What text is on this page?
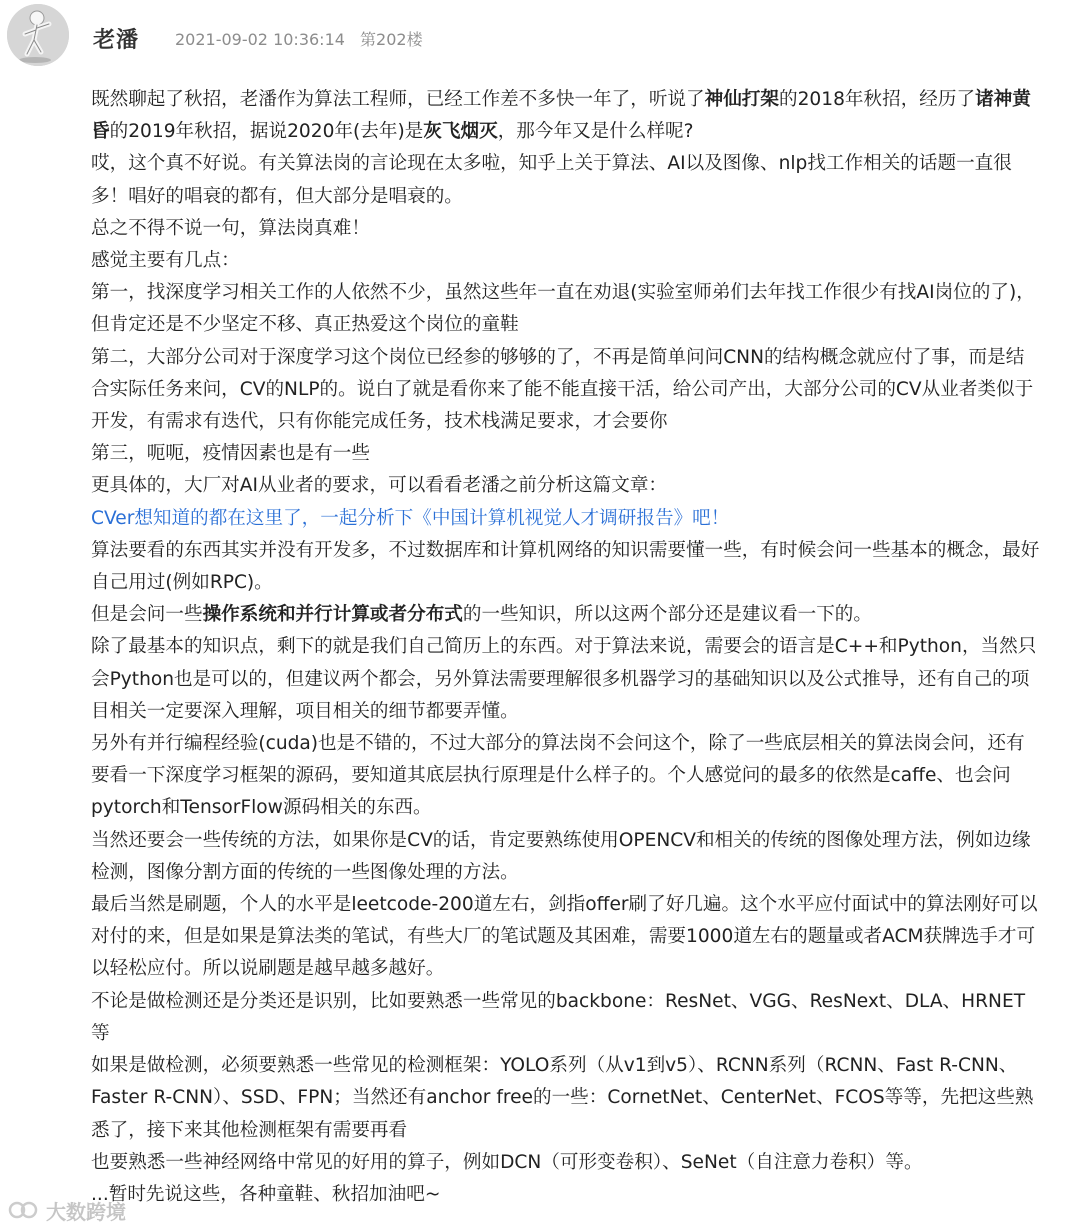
老潘 2021-09-02 10:36:14 第202楼

既然聊起了秋招，老潘作为算法工程师，已经工作差不多快一年了，听说了神仙打架的2018年秋招，经历了诸神黄昏的2019年秋招，据说2020年(去年)是灰飞烟灭，那今年又是什么样呢?

哎，这个真不好说。有关算法岗的言论现在太多啦，知乎上关于算法、AI以及图像、nlp找工作相关的话题一直很多！唱好的唱衰的都有，但大部分是唱衰的。

总之不得不说一句，算法岗真难！

感觉主要有几点：

第一，找深度学习相关工作的人依然不少，虽然这些年一直在劝退(实验室师弟们去年找工作很少有找AI岗位的了)，但肯定还是不少坚定不移、真正热爱这个岗位的童鞋

第二，大部分公司对于深度学习这个岗位已经参的够够的了，不再是简单问问CNN的结构概念就应付了事，而是结合实际任务来问，CV的NLP的。说白了就是看你来了能不能直接干活，给公司产出，大部分公司的CV从业者类似于开发，有需求有迭代，只有你能完成任务，技术栈满足要求，才会要你

第三，呃呃，疫情因素也是有一些

更具体的，大厂对AI从业者的要求，可以看看老潘之前分析这篇文章：

CVer想知道的都在这里了，一起分析下《中国计算机视觉人才调研报告》吧！

算法要看的东西其实并没有开发多，不过数据库和计算机网络的知识需要懂一些，有时候会问一些基本的概念，最好自己用过(例如RPC)。

但是会问一些操作系统和并行计算或者分布式的一些知识，所以这两个部分还是建议看一下的。

除了最基本的知识点，剩下的就是我们自己简历上的东西。对于算法来说，需要会的语言是C++和Python，当然只会Python也是可以的，但建议两个都会，另外算法需要理解很多机器学习的基础知识以及公式推导，还有自己的项目相关一定要深入理解，项目相关的细节都要弄懂。

另外有并行编程经验(cuda)也是不错的，不过大部分的算法岗不会问这个，除了一些底层相关的算法岗会问，还有要看一下深度学习框架的源码，要知道其底层执行原理是什么样子的。个人感觉问的最多的依然是caffe、也会问pytorch和TensorFlow源码相关的东西。

当然还要会一些传统的方法，如果你是CV的话，肯定要熟练使用OPENCV和相关的传统的图像处理方法，例如边缘检测，图像分割方面的传统的一些图像处理的方法。

最后当然是刷题，个人的水平是leetcode-200道左右，剑指offer刷了好几遍。这个水平应付面试中的算法刚好可以对付的来，但是如果是算法类的笔试，有些大厂的笔试题及其困难，需要1000道左右的题量或者ACM获牌选手才可以轻松应付。所以说刷题是越早越多越好。

不论是做检测还是分类还是识别，比如要熟悉一些常见的backbone：ResNet、VGG、ResNext、DLA、HRNET等

如果是做检测，必须要熟悉一些常见的检测框架：YOLO系列（从v1到v5）、RCNN系列（RCNN、Fast R-CNN、Faster R-CNN）、SSD、FPN；当然还有anchor free的一些：CornetNet、CenterNet、FCOS等等，先把这些熟悉了，接下来其他检测框架有需要再看

也要熟悉一些神经网络中常见的好用的算子，例如DCN（可形变卷积）、SeNet（自注意力卷积）等。

...暂时先说这些，各种童鞋、秋招加油吧~

大数跨境
